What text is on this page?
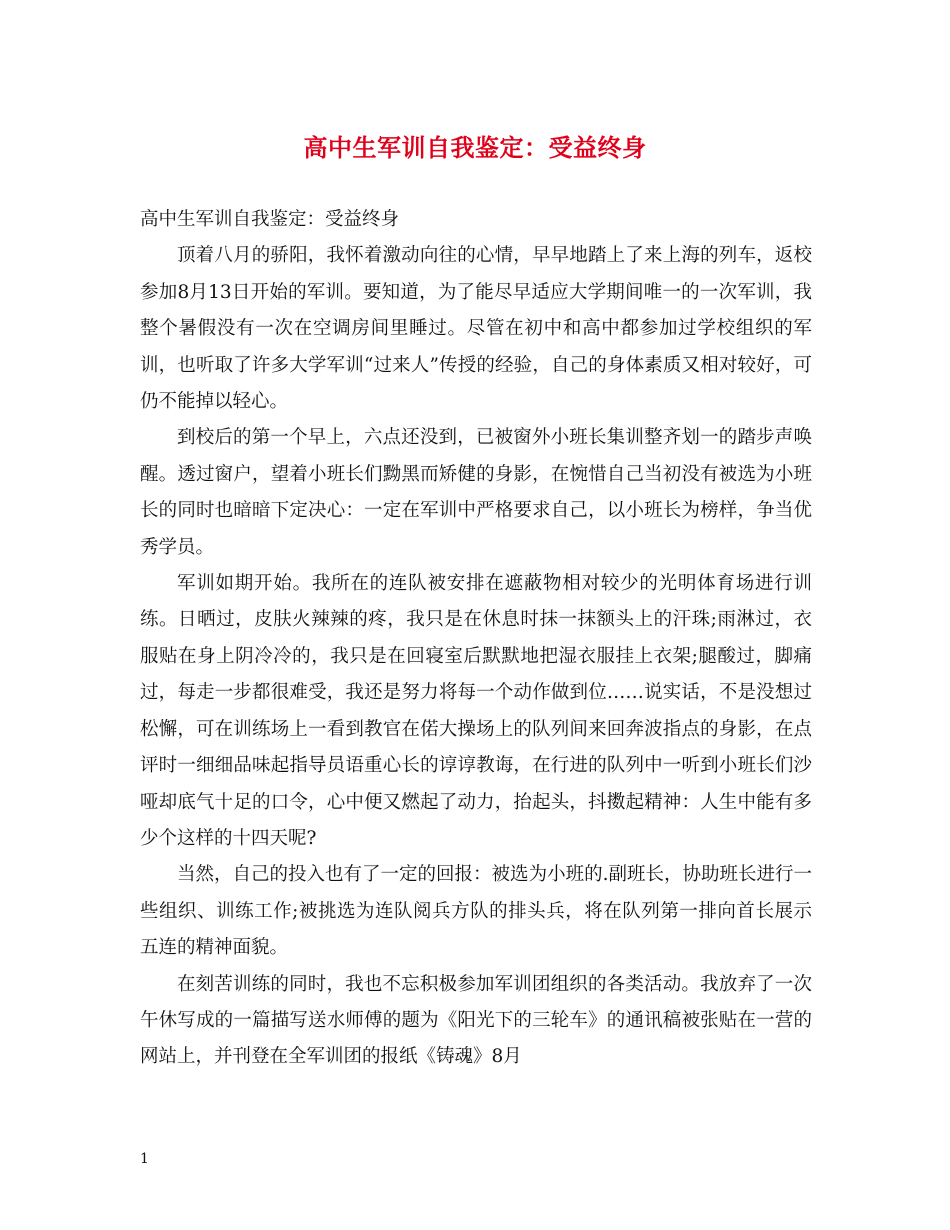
高中生军训自我鉴定：受益终身

高中生军训自我鉴定：受益终身

顶着八月的骄阳，我怀着激动向往的心情，早早地踏上了来上海的列车，返校参加8月13日开始的军训。要知道，为了能尽早适应大学期间唯一的一次军训，我整个暑假没有一次在空调房间里睡过。尽管在初中和高中都参加过学校组织的军训，也听取了许多大学军训“过来人”传授的经验，自己的身体素质又相对较好，可仍不能掉以轻心。

到校后的第一个早上，六点还没到，已被窗外小班长集训整齐划一的踏步声唤醒。透过窗户，望着小班长们黝黑而矫健的身影，在惋惜自己当初没有被选为小班长的同时也暗暗下定决心：一定在军训中严格要求自己，以小班长为榜样，争当优秀学员。

军训如期开始。我所在的连队被安排在遮蔽物相对较少的光明体育场进行训练。日晒过，皮肤火辣辣的疼，我只是在休息时抹一抹额头上的汗珠;雨淋过，衣服贴在身上阴冷冷的，我只是在回寝室后默默地把湿衣服挂上衣架;腿酸过，脚痛过，每走一步都很难受，我还是努力将每一个动作做到位……说实话，不是没想过松懈，可在训练场上一看到教官在偌大操场上的队列间来回奔波指点的身影，在点评时一细细品味起指导员语重心长的谆谆教诲，在行进的队列中一听到小班长们沙哑却底气十足的口令，心中便又燃起了动力，抬起头，抖擞起精神：人生中能有多少个这样的十四天呢?

当然，自己的投入也有了一定的回报：被选为小班的.副班长，协助班长进行一些组织、训练工作;被挑选为连队阅兵方队的排头兵，将在队列第一排向首长展示五连的精神面貌。

在刻苦训练的同时，我也不忘积极参加军训团组织的各类活动。我放弃了一次午休写成的一篇描写送水师傅的题为《阳光下的三轮车》的通讯稿被张贴在一营的网站上，并刊登在全军训团的报纸《铸魂》8月

1
